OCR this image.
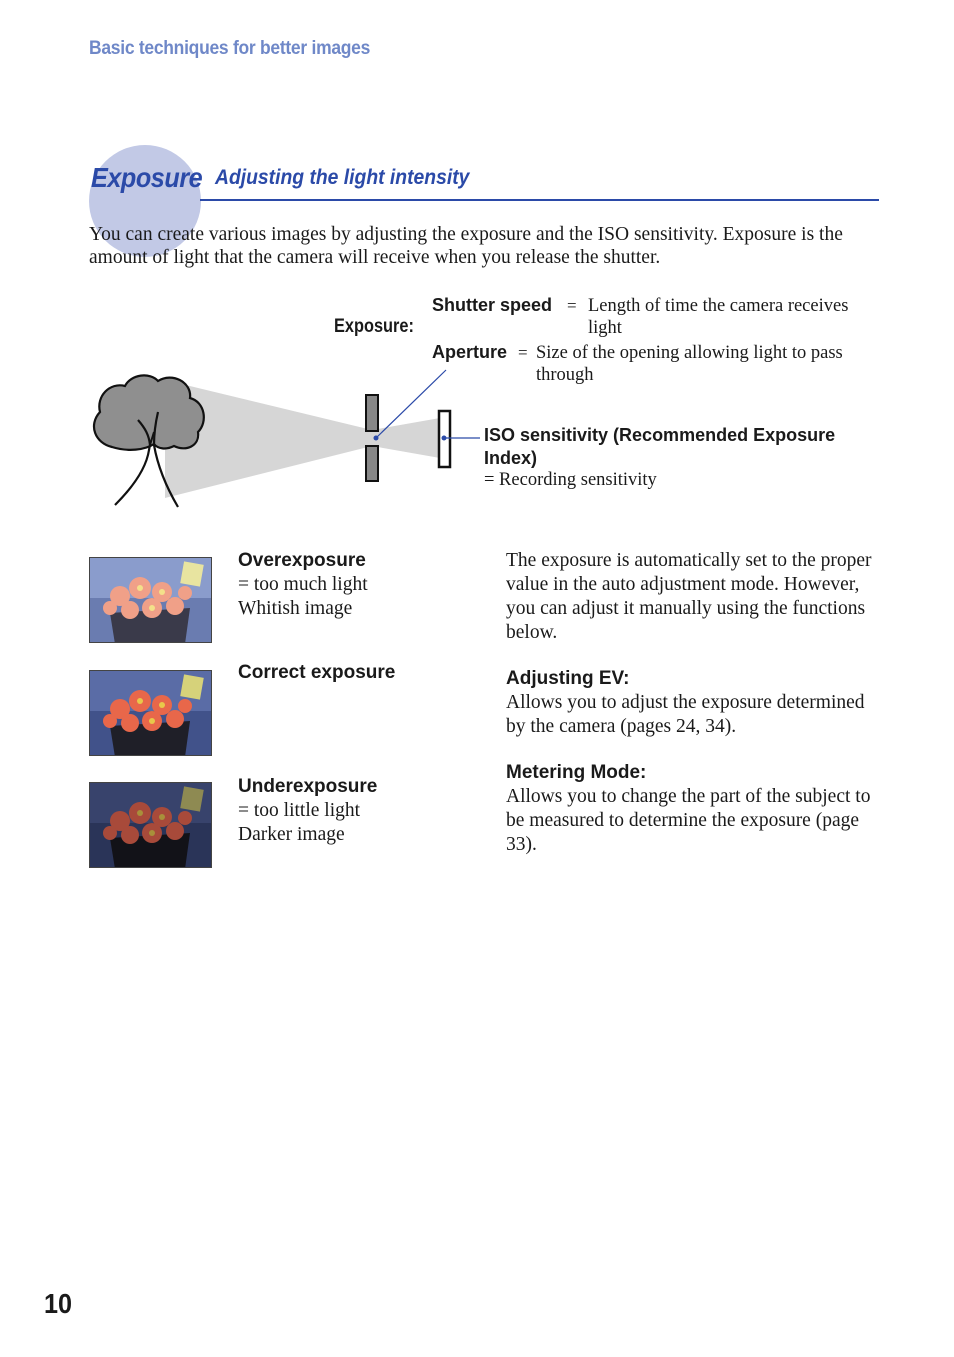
Basic techniques for better images
Exposure Adjusting the light intensity
You can create various images by adjusting the exposure and the ISO sensitivity. Exposure is the amount of light that the camera will receive when you release the shutter.
Exposure:
Shutter speed = Length of time the camera receives light
Aperture = Size of the opening allowing light to pass through
ISO sensitivity (Recommended Exposure Index)
= Recording sensitivity
Overexposure
= too much light
Whitish image
Correct exposure
Underexposure
= too little light
Darker image

The exposure is automatically set to the proper value in the auto adjustment mode. However, you can adjust it manually using the functions below.

Adjusting EV:

Allows you to adjust the exposure determined by the camera (pages 24, 34).

Metering Mode:

Allows you to change the part of the subject to be measured to determine the exposure (page 33).

10
